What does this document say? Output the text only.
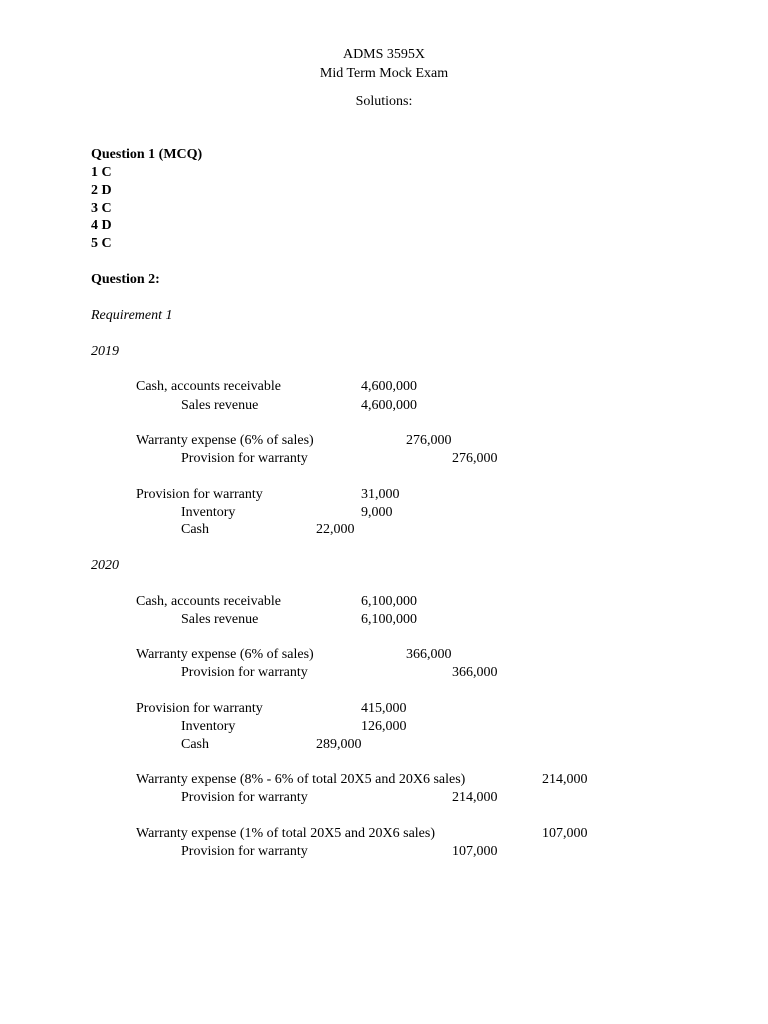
ADMS 3595X
Mid Term Mock Exam
Solutions:
Question 1 (MCQ)
1 C
2 D
3 C
4 D
5 C
Question 2:
Requirement 1
2019
Cash, accounts receivable	4,600,000
Sales revenue	4,600,000
Warranty expense (6% of sales)	276,000
Provision for warranty	276,000
Provision for warranty	31,000
Inventory	9,000
Cash	22,000
2020
Cash, accounts receivable	6,100,000
Sales revenue	6,100,000
Warranty expense (6% of sales)	366,000
Provision for warranty	366,000
Provision for warranty	415,000
Inventory	126,000
Cash	289,000
Warranty expense (8% - 6% of total 20X5 and 20X6 sales)	214,000
Provision for warranty	214,000
Warranty expense (1% of total 20X5 and 20X6 sales)	107,000
Provision for warranty	107,000
